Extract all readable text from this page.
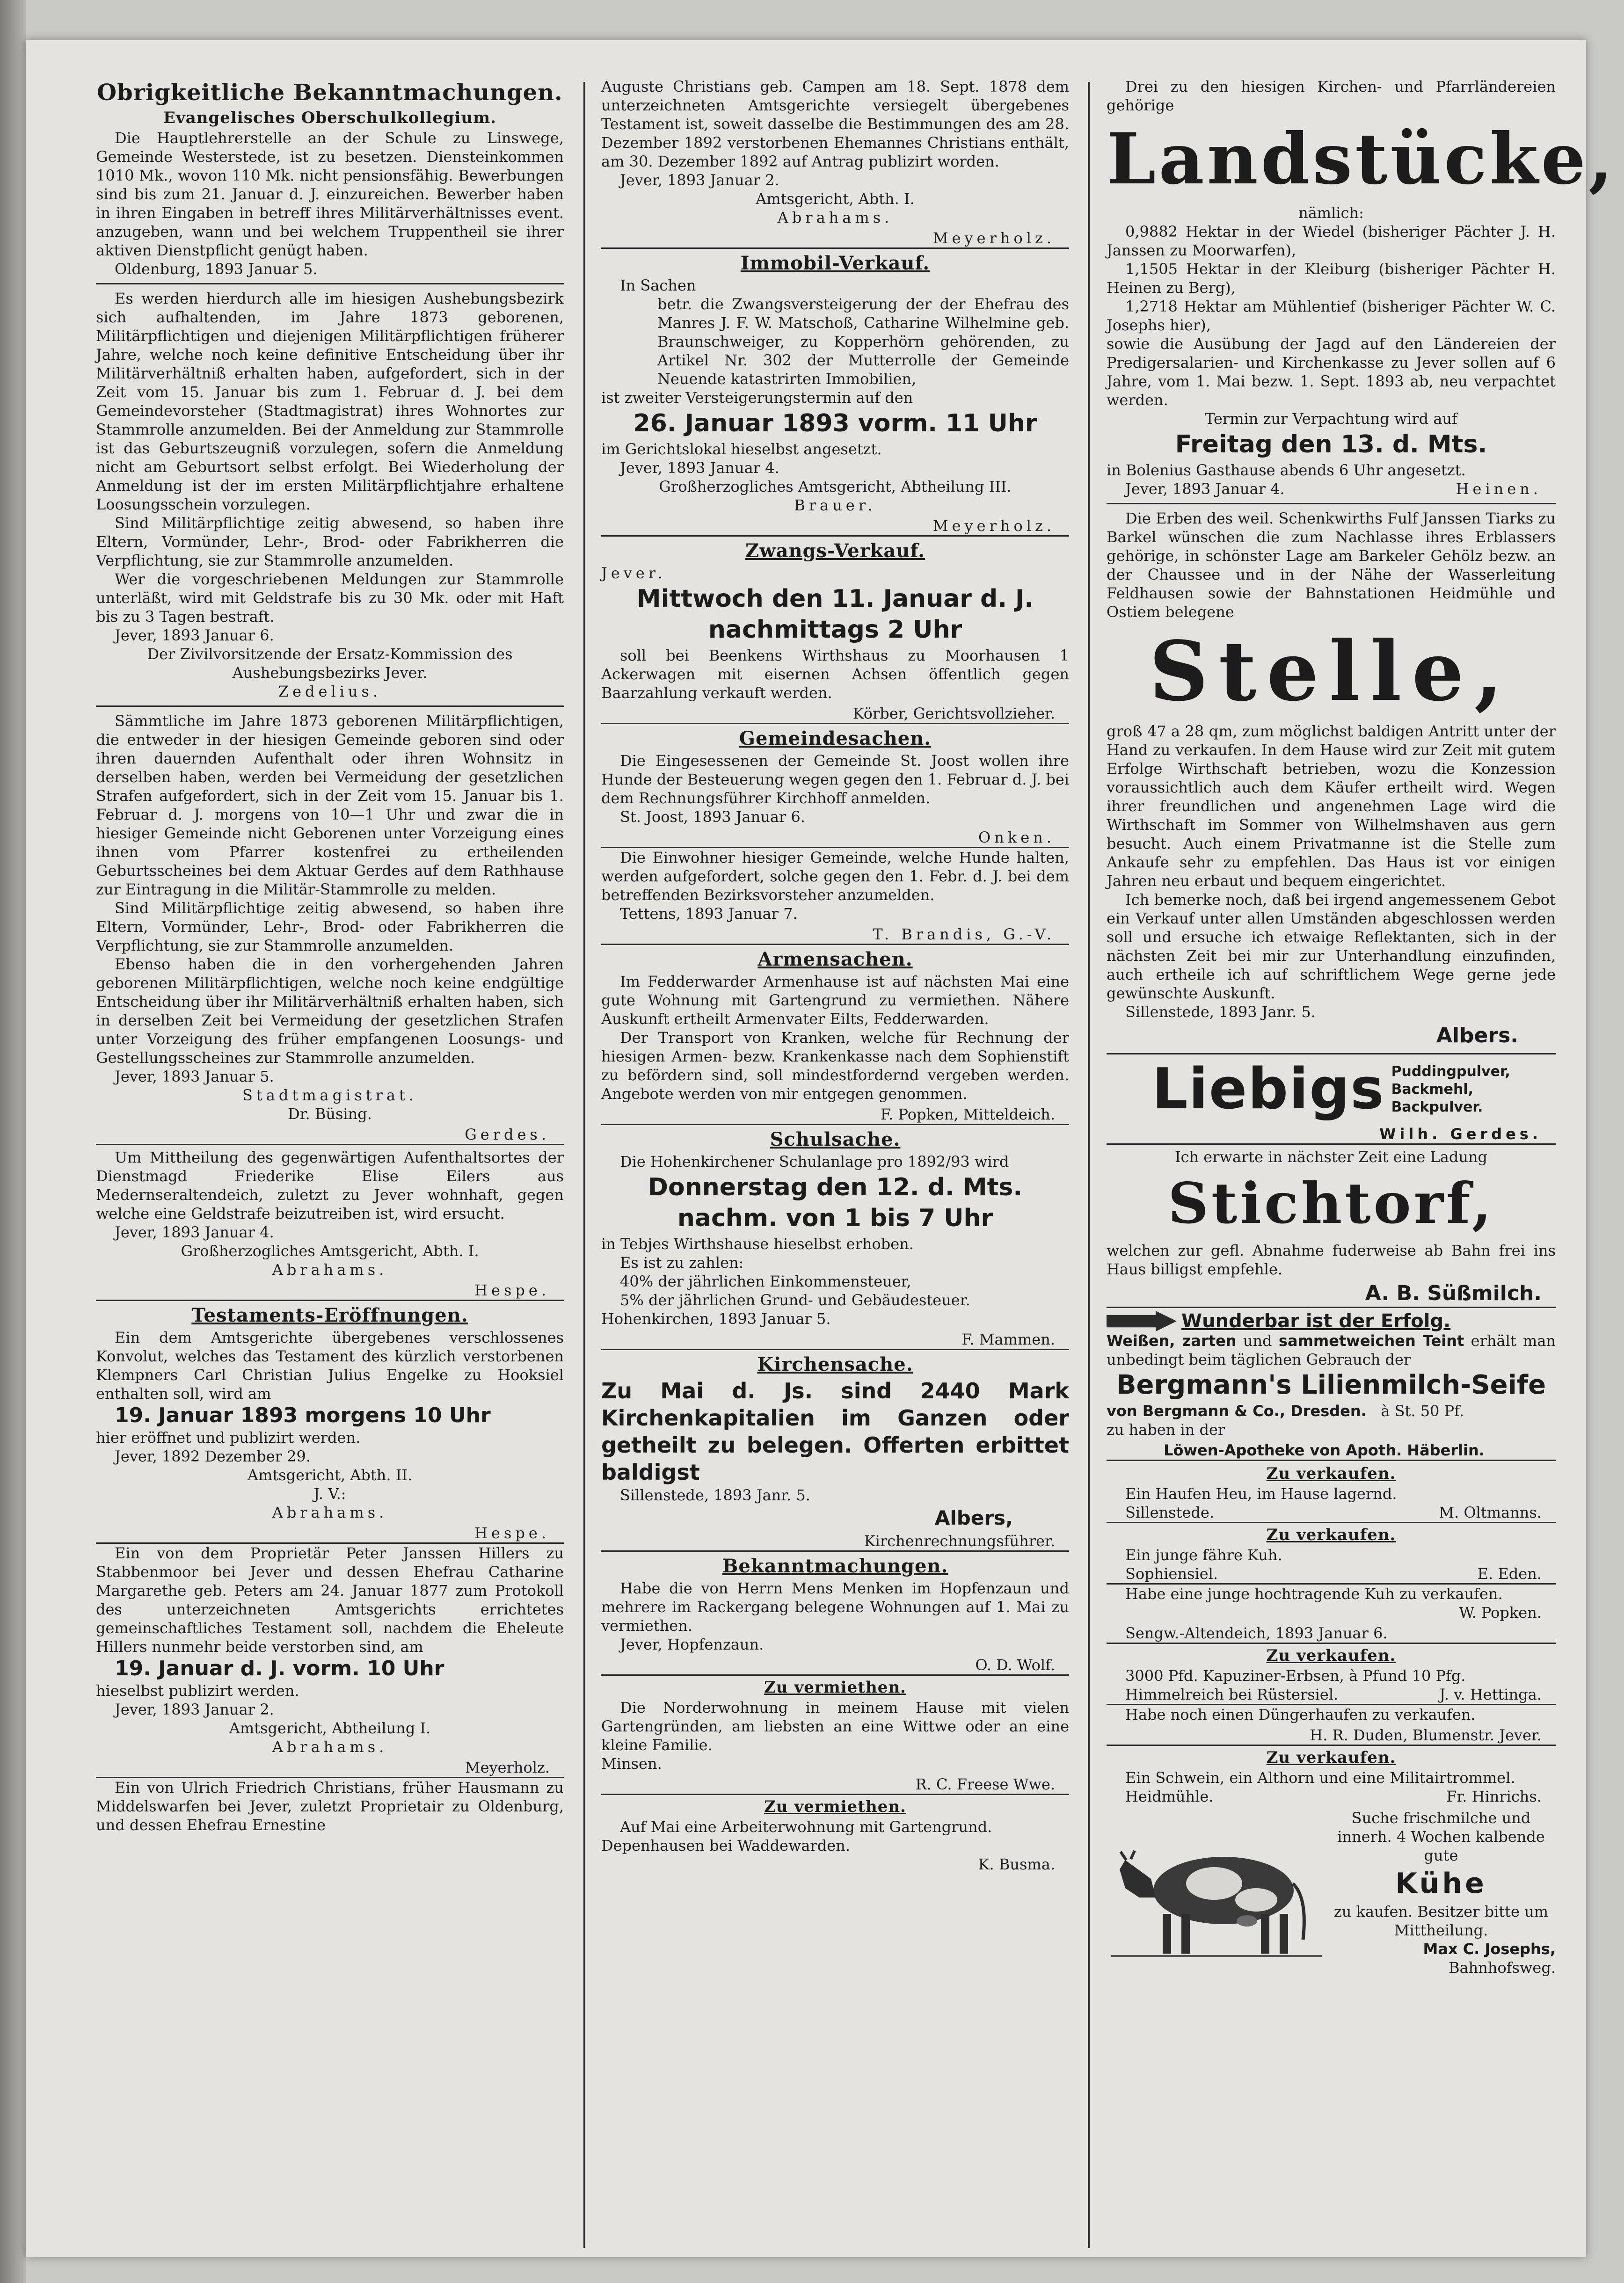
Obrigkeitliche Bekanntmachungen.
Evangelisches Oberschulkollegium.

Die Hauptlehrerstelle an der Schule zu Linswege, Gemeinde Westerstede, ist zu besetzen. Diensteinkommen 1010 Mk., wovon 110 Mk. nicht pensionsfähig. Bewerbungen sind bis zum 21. Januar d. J. einzureichen. Bewerber haben in ihren Eingaben in betreff ihres Militärverhältnisses event. anzugeben, wann und bei welchem Truppentheil sie ihrer aktiven Dienstpflicht genügt haben.

Oldenburg, 1893 Januar 5.

Es werden hierdurch alle im hiesigen Aushebungsbezirk sich aufhaltenden, im Jahre 1873 geborenen, Militärpflichtigen und diejenigen Militärpflichtigen früherer Jahre, welche noch keine definitive Entscheidung über ihr Militärverhältniß erhalten haben, aufgefordert, sich in der Zeit vom 15. Januar bis zum 1. Februar d. J. bei dem Gemeindevorsteher (Stadtmagistrat) ihres Wohnortes zur Stammrolle anzumelden. Bei der Anmeldung zur Stammrolle ist das Geburtszeugniß vorzulegen, sofern die Anmeldung nicht am Geburtsort selbst erfolgt. Bei Wiederholung der Anmeldung ist der im ersten Militärpflichtjahre erhaltene Loosungsschein vorzulegen.

Sind Militärpflichtige zeitig abwesend, so haben ihre Eltern, Vormünder, Lehr-, Brod- oder Fabrikherren die Verpflichtung, sie zur Stammrolle anzumelden.

Wer die vorgeschriebenen Meldungen zur Stammrolle unterläßt, wird mit Geldstrafe bis zu 30 Mk. oder mit Haft bis zu 3 Tagen bestraft.

Jever, 1893 Januar 6.

Der Zivilvorsitzende der Ersatz-Kommission des Aushebungsbezirks Jever.
Zedelius.

Sämmtliche im Jahre 1873 geborenen Militärpflichtigen, die entweder in der hiesigen Gemeinde geboren sind oder ihren dauernden Aufenthalt oder ihren Wohnsitz in derselben haben, werden bei Vermeidung der gesetzlichen Strafen aufgefordert, sich in der Zeit vom 15. Januar bis 1. Februar d. J. morgens von 10—1 Uhr und zwar die in hiesiger Gemeinde nicht Geborenen unter Vorzeigung eines ihnen vom Pfarrer kostenfrei zu ertheilenden Geburtsscheines bei dem Aktuar Gerdes auf dem Rathhause zur Eintragung in die Militär-Stammrolle zu melden.

Sind Militärpflichtige zeitig abwesend, so haben ihre Eltern, Vormünder, Lehr-, Brod- oder Fabrikherren die Verpflichtung, sie zur Stammrolle anzumelden.

Ebenso haben die in den vorhergehenden Jahren geborenen Militärpflichtigen, welche noch keine endgültige Entscheidung über ihr Militärverhältniß erhalten haben, sich in derselben Zeit bei Vermeidung der gesetzlichen Strafen unter Vorzeigung des früher empfangenen Loosungs- und Gestellungsscheines zur Stammrolle anzumelden.

Jever, 1893 Januar 5.

Stadtmagistrat.
Dr. Büsing.
Gerdes.

Um Mittheilung des gegenwärtigen Aufenthaltsortes der Dienstmagd Friederike Elise Eilers aus Medernseraltendeich, zuletzt zu Jever wohnhaft, gegen welche eine Geldstrafe beizutreiben ist, wird ersucht.

Jever, 1893 Januar 4.

Großherzogliches Amtsgericht, Abth. I.
Abrahams.
Hespe.
Testaments-Eröffnungen.

Ein dem Amtsgerichte übergebenes verschlossenes Konvolut, welches das Testament des kürzlich verstorbenen Klempners Carl Christian Julius Engelke zu Hooksiel enthalten soll, wird am

19. Januar 1893 morgens 10 Uhr

hier eröffnet und publizirt werden.

Jever, 1892 Dezember 29.

Amtsgericht, Abth. II.
J. V.:
Abrahams.
Hespe.

Ein von dem Proprietär Peter Janssen Hillers zu Stabbenmoor bei Jever und dessen Ehefrau Catharine Margarethe geb. Peters am 24. Januar 1877 zum Protokoll des unterzeichneten Amtsgerichts errichtetes gemeinschaftliches Testament soll, nachdem die Eheleute Hillers nunmehr beide verstorben sind, am

19. Januar d. J. vorm. 10 Uhr

hieselbst publizirt werden.

Jever, 1893 Januar 2.

Amtsgericht, Abtheilung I.
Abrahams.
Meyerholz.

Ein von Ulrich Friedrich Christians, früher Hausmann zu Middelswarfen bei Jever, zuletzt Proprietair zu Oldenburg, und dessen Ehefrau Ernestine

Auguste Christians geb. Campen am 18. Sept. 1878 dem unterzeichneten Amtsgerichte versiegelt übergebenes Testament ist, soweit dasselbe die Bestimmungen des am 28. Dezember 1892 verstorbenen Ehemannes Christians enthält, am 30. Dezember 1892 auf Antrag publizirt worden.

Jever, 1893 Januar 2.

Amtsgericht, Abth. I.
Abrahams.
Meyerholz.
Immobil-Verkauf.

In Sachen

betr. die Zwangsversteigerung der der Ehefrau des Manres J. F. W. Matschoß, Catharine Wilhelmine geb. Braunschweiger, zu Kopperhörn gehörenden, zu Artikel Nr. 302 der Mutterrolle der Gemeinde Neuende katastrirten Immobilien,

ist zweiter Versteigerungstermin auf den

26. Januar 1893 vorm. 11 Uhr

im Gerichtslokal hieselbst angesetzt.

Jever, 1893 Januar 4.

Großherzogliches Amtsgericht, Abtheilung III.
Brauer.
Meyerholz.
Zwangs-Verkauf.

Jever.

Mittwoch den 11. Januar d. J.
nachmittags 2 Uhr

soll bei Beenkens Wirthshaus zu Moorhausen 1 Ackerwagen mit eisernen Achsen öffentlich gegen Baarzahlung verkauft werden.

Körber, Gerichtsvollzieher.
Gemeindesachen.

Die Eingesessenen der Gemeinde St. Joost wollen ihre Hunde der Besteuerung wegen gegen den 1. Februar d. J. bei dem Rechnungsführer Kirchhoff anmelden.

St. Joost, 1893 Januar 6.

Onken.

Die Einwohner hiesiger Gemeinde, welche Hunde halten, werden aufgefordert, solche gegen den 1. Febr. d. J. bei dem betreffenden Bezirksvorsteher anzumelden.

Tettens, 1893 Januar 7.

T. Brandis, G.-V.
Armensachen.

Im Fedderwarder Armenhause ist auf nächsten Mai eine gute Wohnung mit Gartengrund zu vermiethen. Nähere Auskunft ertheilt Armenvater Eilts, Fedderwarden.

Der Transport von Kranken, welche für Rechnung der hiesigen Armen- bezw. Krankenkasse nach dem Sophienstift zu befördern sind, soll mindestfordernd vergeben werden. Angebote werden von mir entgegen genommen.

F. Popken, Mitteldeich.
Schulsache.

Die Hohenkirchener Schulanlage pro 1892/93 wird

Donnerstag den 12. d. Mts.
nachm. von 1 bis 7 Uhr

in Tebjes Wirthshause hieselbst erhoben.

Es ist zu zahlen:

40% der jährlichen Einkommensteuer,

5% der jährlichen Grund- und Gebäudesteuer.

Hohenkirchen, 1893 Januar 5.

F. Mammen.
Kirchensache.
Zu Mai d. Js. sind 2440 Mark Kirchenkapitalien im Ganzen oder getheilt zu belegen. Offerten erbittet baldigst

Sillenstede, 1893 Janr. 5.

Albers,
Kirchenrechnungsführer.
Bekanntmachungen.

Habe die von Herrn Mens Menken im Hopfenzaun und mehrere im Rackergang belegene Wohnungen auf 1. Mai zu vermiethen.

Jever, Hopfenzaun.

O. D. Wolf.
Zu vermiethen.

Die Norderwohnung in meinem Hause mit vielen Gartengründen, am liebsten an eine Wittwe oder an eine kleine Familie.

Minsen.

R. C. Freese Wwe.
Zu vermiethen.

Auf Mai eine Arbeiterwohnung mit Gartengrund.

Depenhausen bei Waddewarden.

K. Busma.

Drei zu den hiesigen Kirchen- und Pfarrländereien gehörige

Landstücke,
nämlich:

0,9882 Hektar in der Wiedel (bisheriger Pächter J. H. Janssen zu Moorwarfen),

1,1505 Hektar in der Kleiburg (bisheriger Pächter H. Heinen zu Berg),

1,2718 Hektar am Mühlentief (bisheriger Pächter W. C. Josephs hier),

sowie die Ausübung der Jagd auf den Ländereien der Predigersalarien- und Kirchenkasse zu Jever sollen auf 6 Jahre, vom 1. Mai bezw. 1. Sept. 1893 ab, neu verpachtet werden.

Termin zur Verpachtung wird auf
Freitag den 13. d. Mts.

in Bolenius Gasthause abends 6 Uhr angesetzt.

Jever, 1893 Januar 4.	Heinen.

Die Erben des weil. Schenkwirths Fulf Janssen Tiarks zu Barkel wünschen die zum Nachlasse ihres Erblassers gehörige, in schönster Lage am Barkeler Gehölz bezw. an der Chaussee und in der Nähe der Wasserleitung Feldhausen sowie der Bahnstationen Heidmühle und Ostiem belegene

Stelle,

groß 47 a 28 qm, zum möglichst baldigen Antritt unter der Hand zu verkaufen. In dem Hause wird zur Zeit mit gutem Erfolge Wirthschaft betrieben, wozu die Konzession voraussichtlich auch dem Käufer ertheilt wird. Wegen ihrer freundlichen und angenehmen Lage wird die Wirthschaft im Sommer von Wilhelmshaven aus gern besucht. Auch einem Privatmanne ist die Stelle zum Ankaufe sehr zu empfehlen. Das Haus ist vor einigen Jahren neu erbaut und bequem eingerichtet.

Ich bemerke noch, daß bei irgend angemessenem Gebot ein Verkauf unter allen Umständen abgeschlossen werden soll und ersuche ich etwaige Reflektanten, sich in der nächsten Zeit bei mir zur Unterhandlung einzufinden, auch ertheile ich auf schriftlichem Wege gerne jede gewünschte Auskunft.

Sillenstede, 1893 Janr. 5.

Albers.
Liebigs Puddingpulver,
Backmehl,
Backpulver.
Wilh. Gerdes.
Ich erwarte in nächster Zeit eine Ladung
Stichtorf,

welchen zur gefl. Abnahme fuderweise ab Bahn frei ins Haus billigst empfehle.

A. B. Süßmilch.
Wunderbar ist der Erfolg.

Weißen, zarten und sammetweichen Teint erhält man unbedingt beim täglichen Gebrauch der

Bergmann's Lilienmilch-Seife

von Bergmann & Co., Dresden. à St. 50 Pf.

zu haben in der

Löwen-Apotheke von Apoth. Häberlin.
Zu verkaufen.

Ein Haufen Heu, im Hause lagernd.

Sillenstede.	M. Oltmanns.
Zu verkaufen.

Ein junge fähre Kuh.

Sophiensiel.	E. Eden.

Habe eine junge hochtragende Kuh zu verkaufen.

W. Popken.
Sengw.-Altendeich, 1893 Januar 6.
Zu verkaufen.

3000 Pfd. Kapuziner-Erbsen, à Pfund 10 Pfg.

Himmelreich bei Rüstersiel.	J. v. Hettinga.

Habe noch einen Düngerhaufen zu verkaufen.

H. R. Duden, Blumenstr. Jever.
Zu verkaufen.

Ein Schwein, ein Althorn und eine Militairtrommel.

Heidmühle.	Fr. Hinrichs.
Suche frischmilche und innerh. 4 Wochen kalbende gute
Kühe
zu kaufen. Besitzer bitte um Mittheilung.
Max C. Josephs,
Bahnhofsweg.
